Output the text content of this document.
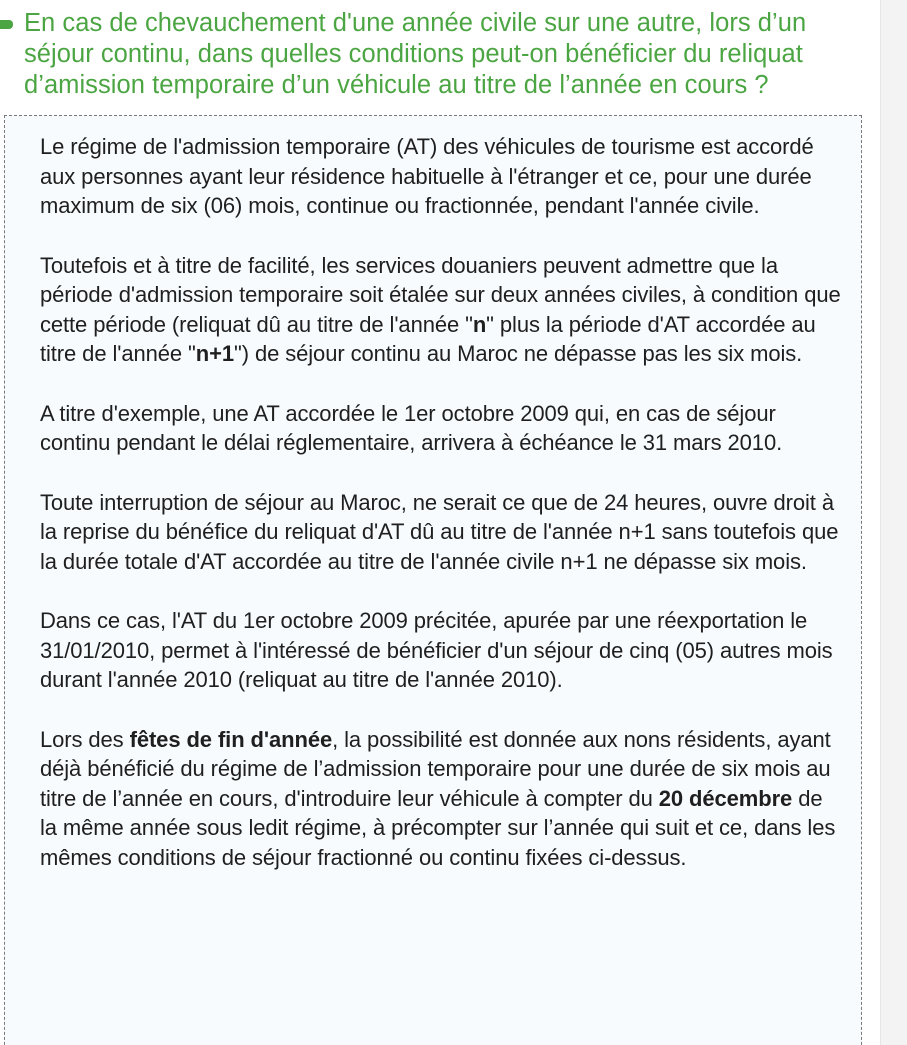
En cas de chevauchement d'une année civile sur une autre, lors d’un séjour continu, dans quelles conditions peut-on bénéficier du reliquat d’amission temporaire d’un véhicule au titre de l’année en cours ?

Le régime de l'admission temporaire (AT) des véhicules de tourisme est accordé aux personnes ayant leur résidence habituelle à l'étranger et ce, pour une durée maximum de six (06) mois, continue ou fractionnée, pendant l'année civile.

Toutefois et à titre de facilité, les services douaniers peuvent admettre que la période d'admission temporaire soit étalée sur deux années civiles, à condition que cette période (reliquat dû au titre de l'année "n" plus la période d'AT accordée au titre de l'année "n+1") de séjour continu au Maroc ne dépasse pas les six mois.

A titre d'exemple, une AT accordée le 1er octobre 2009 qui, en cas de séjour continu pendant le délai réglementaire, arrivera à échéance le 31 mars 2010.

Toute interruption de séjour au Maroc, ne serait ce que de 24 heures, ouvre droit à la reprise du bénéfice du reliquat d'AT dû au titre de l'année n+1 sans toutefois que la durée totale d'AT accordée au titre de l'année civile n+1 ne dépasse six mois.

Dans ce cas, l'AT du 1er octobre 2009 précitée, apurée par une réexportation le 31/01/2010, permet à l'intéressé de bénéficier d'un séjour de cinq (05) autres mois durant l'année 2010 (reliquat au titre de l'année 2010).

Lors des fêtes de fin d'année, la possibilité est donnée aux nons résidents, ayant déjà bénéficié du régime de l’admission temporaire pour une durée de six mois au titre de l’année en cours, d'introduire leur véhicule à compter du 20 décembre de la même année sous ledit régime, à précompter sur l’année qui suit et ce, dans les mêmes conditions de séjour fractionné ou continu fixées ci-dessus.
